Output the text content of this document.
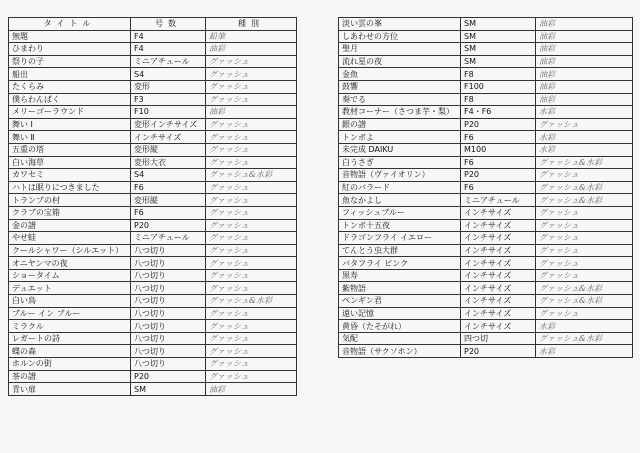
タイトル	号数	種別
無題	F4	鉛筆
ひまわり	F4	油彩
祭りの子	ミニアチュール	グァッシュ
船出	S4	グァッシュ
たくらみ	変形	グァッシュ
僕らわんぱく	F3	グァッシュ
メリーゴーラウンド	F10	油彩
舞い Ⅰ	変形インチサイズ	グァッシュ
舞い Ⅱ	インチサイズ	グァッシュ
五重の塔	変形縦	グァッシュ
白い海草	変形大衣	グァッシュ
カワセミ	S4	グァッシュ&水彩
ハトは眠りにつきました	F6	グァッシュ
トランプの村	変形縦	グァッシュ
クラブの宝箱	F6	グァッシュ
金の譜	P20	グァッシュ
やせ蛙	ミニアチュール	グァッシュ
クールシャワー（シルエット）	八つ切り	グァッシュ
オニヤンマの夜	八つ切り	グァッシュ
ショータイム	八つ切り	グァッシュ
デュエット	八つ切り	グァッシュ
白い鳥	八つ切り	グァッシュ&水彩
ブルー イン ブルー	八つ切り	グァッシュ
ミラクル	八つ切り	グァッシュ
レガートの詩	八つ切り	グァッシュ
蝶の森	八つ切り	グァッシュ
ホルンの街	八つ切り	グァッシュ
茶の譜	P20	グァッシュ
青い扉	SM	油彩
淡い雲の峯	SM	油彩
しあわせの方位	SM	油彩
聖月	SM	油彩
流れ星の夜	SM	油彩
金魚	F8	油彩
鼓響	F100	油彩
奏でる	F8	油彩
教材コーナー（さつま芋・梨）	F4・F6	水彩
銀の譜	P20	グァッシュ
トンボよ	F6	水彩
未完成 DAIKU	M100	水彩
白うさぎ	F6	グァッシュ&水彩
音物語（ヴァイオリン）	P20	グァッシュ
紅のバラード	F6	グァッシュ&水彩
魚なかよし	ミニアチュール	グァッシュ&水彩
フィッシュブルー	インチサイズ	グァッシュ
トンボ十五夜	インチサイズ	グァッシュ
ドラゴンフライ イエロー	インチサイズ	グァッシュ
てんとう虫大群	インチサイズ	グァッシュ
バタフライ ピンク	インチサイズ	グァッシュ
黒寿	インチサイズ	グァッシュ
紫物語	インチサイズ	グァッシュ&水彩
ペンギン君	インチサイズ	グァッシュ&水彩
遠い記憶	インチサイズ	グァッシュ
黄昏（たそがれ）	インチサイズ	水彩
気配	四つ切	グァッシュ&水彩
音物語（サクソホン）	P20	水彩
